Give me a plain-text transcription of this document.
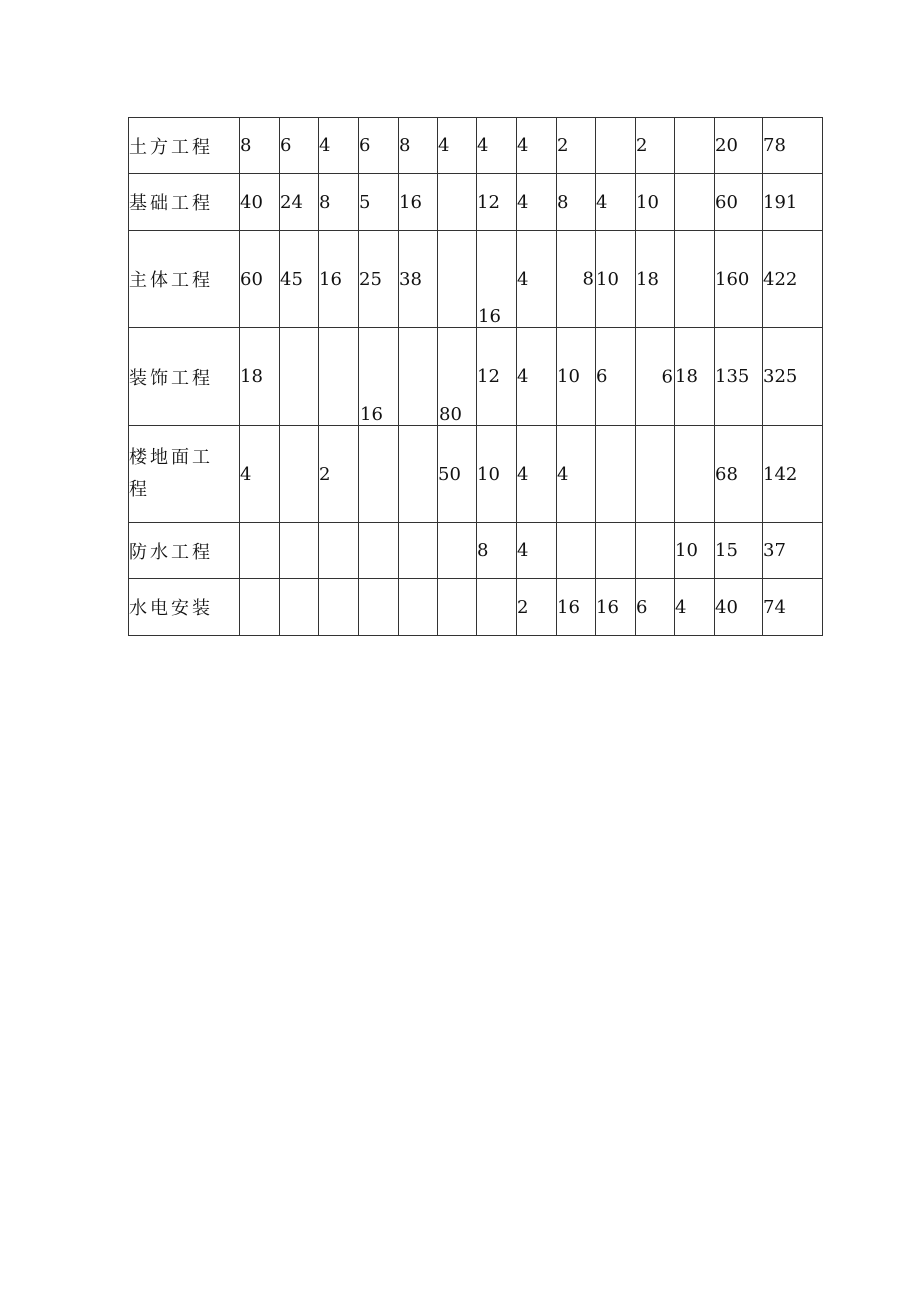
土方工程	8	6	4	6	8	4	4	4	2		2		20	78
基础工程	40	24	8	5	16		12	4	8	4	10		60	191
主体工程	60	45	16	25	38		16	4	8	10	18		160	422
装饰工程	18			16		80	12	4	10	6	6	18	135	325

楼地面工程	4		2			50	10	4	4				68	142
防水工程							8	4				10	15	37
水电安装								2	16	16	6	4	40	74
